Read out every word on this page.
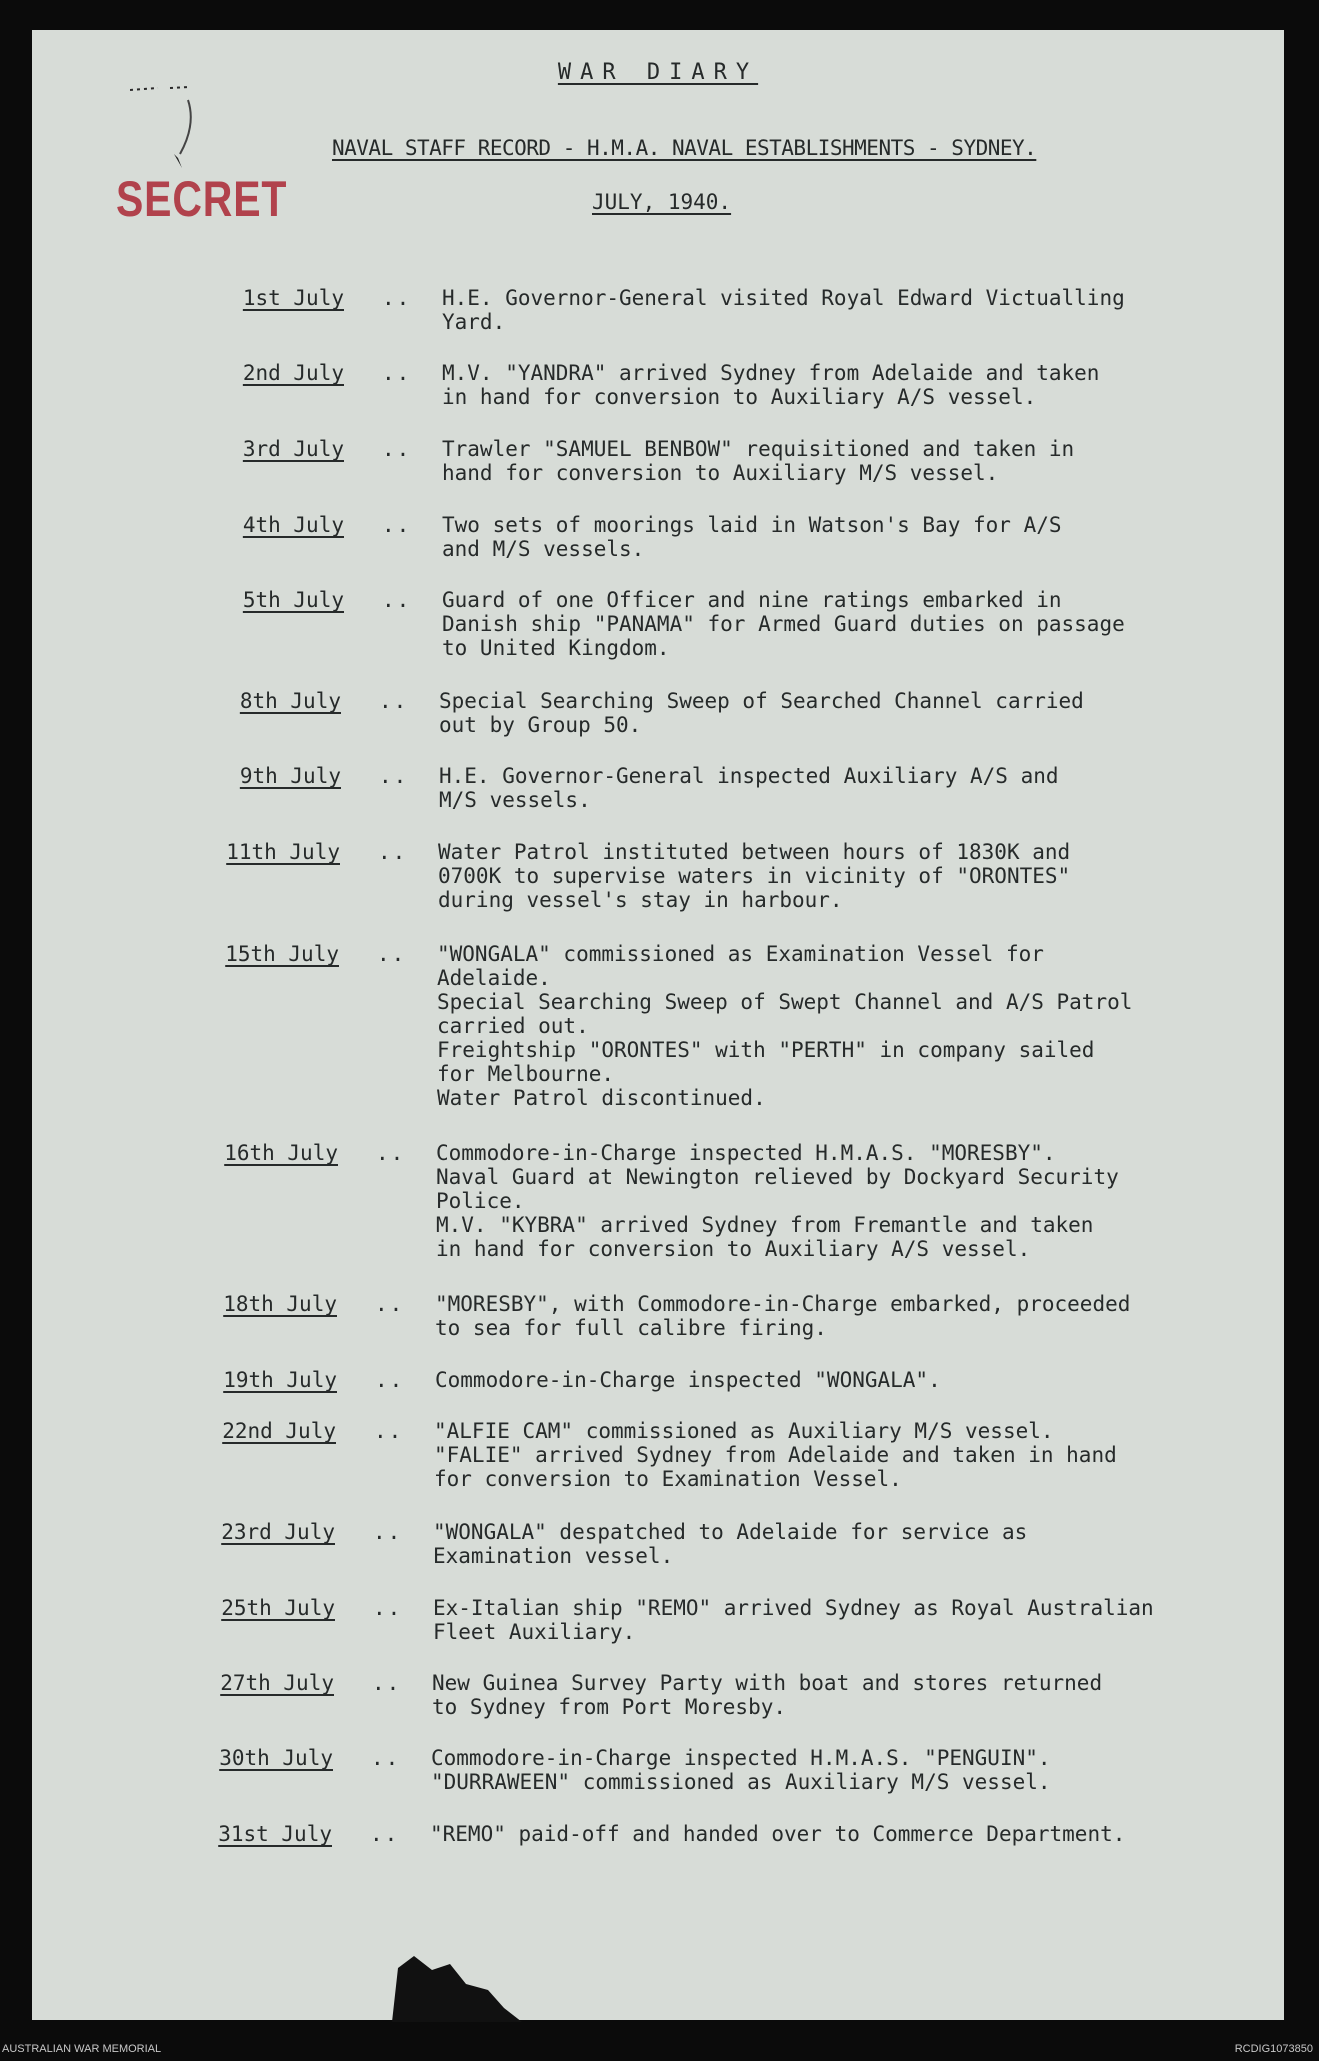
SECRET
WAR DIARY
NAVAL STAFF RECORD - H.M.A. NAVAL ESTABLISHMENTS - SYDNEY.
JULY, 1940.
1st July .. H.E. Governor-General visited Royal Edward Victualling
Yard.
2nd July .. M.V. "YANDRA" arrived Sydney from Adelaide and taken
in hand for conversion to Auxiliary A/S vessel.
3rd July .. Trawler "SAMUEL BENBOW" requisitioned and taken in
hand for conversion to Auxiliary M/S vessel.
4th July .. Two sets of moorings laid in Watson's Bay for A/S
and M/S vessels.
5th July .. Guard of one Officer and nine ratings embarked in
Danish ship "PANAMA" for Armed Guard duties on passage
to United Kingdom.
8th July .. Special Searching Sweep of Searched Channel carried
out by Group 50.
9th July .. H.E. Governor-General inspected Auxiliary A/S and
M/S vessels.
11th July .. Water Patrol instituted between hours of 1830K and
0700K to supervise waters in vicinity of "ORONTES"
during vessel's stay in harbour.
15th July .. "WONGALA" commissioned as Examination Vessel for
Adelaide.
Special Searching Sweep of Swept Channel and A/S Patrol
carried out.
Freightship "ORONTES" with "PERTH" in company sailed
for Melbourne.
Water Patrol discontinued.
16th July .. Commodore-in-Charge inspected H.M.A.S. "MORESBY".
Naval Guard at Newington relieved by Dockyard Security
Police.
M.V. "KYBRA" arrived Sydney from Fremantle and taken
in hand for conversion to Auxiliary A/S vessel.
18th July .. "MORESBY", with Commodore-in-Charge embarked, proceeded
to sea for full calibre firing.
19th July .. Commodore-in-Charge inspected "WONGALA".
22nd July .. "ALFIE CAM" commissioned as Auxiliary M/S vessel.
"FALIE" arrived Sydney from Adelaide and taken in hand
for conversion to Examination Vessel.
23rd July .. "WONGALA" despatched to Adelaide for service as
Examination vessel.
25th July .. Ex-Italian ship "REMO" arrived Sydney as Royal Australian
Fleet Auxiliary.
27th July .. New Guinea Survey Party with boat and stores returned
to Sydney from Port Moresby.
30th July .. Commodore-in-Charge inspected H.M.A.S. "PENGUIN".
"DURRAWEEN" commissioned as Auxiliary M/S vessel.
31st July .. "REMO" paid-off and handed over to Commerce Department.
AUSTRALIAN WAR MEMORIAL	RCDIG1073850
